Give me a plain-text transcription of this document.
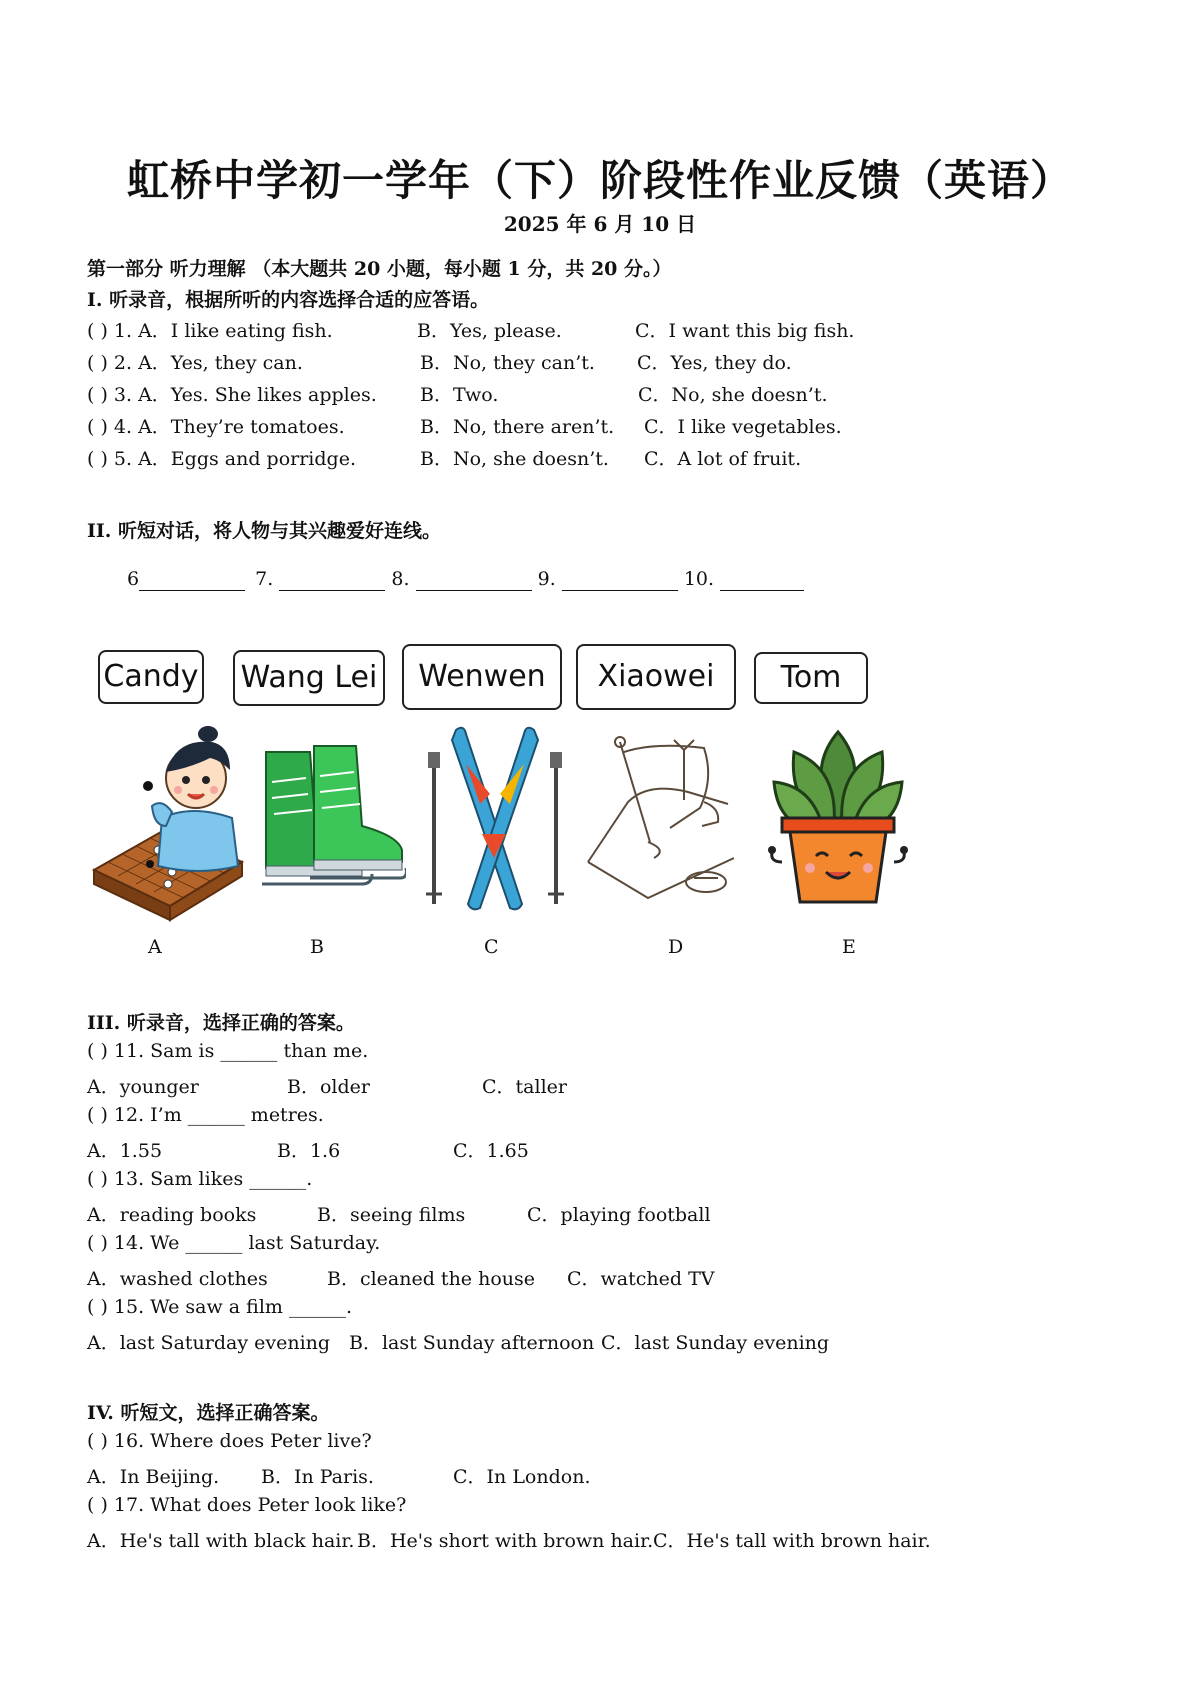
虹桥中学初一学年（下）阶段性作业反馈（英语）
2025 年 6 月 10 日
第一部分 听力理解 （本大题共 20 小题，每小题 1 分，共 20 分。）
I. 听录音，根据所听的内容选择合适的应答语。
( ) 1. A．I like eating fish.	B．Yes, please.	C．I want this big fish.
( ) 2. A．Yes, they can.	B．No, they can’t. C．Yes, they do.
( ) 3. A．Yes. She likes apples. B．Two.	C．No, she doesn’t.
( ) 4. A．They’re tomatoes.	B．No, there aren’t. C．I like vegetables.
( ) 5. A．Eggs and porridge.	B．No, she doesn’t. C．A lot of fruit.
II. 听短对话，将人物与其兴趣爱好连线。
6	7.	8.	9.	10.
Candy Wang Lei	Wenwen	Xiaowei	Tom
A	B	C	D	E
III. 听录音，选择正确的答案。
( ) 11. Sam is ______ than me.
A．younger	B．older	C．taller
( ) 12. I’m ______ metres.
A．1.55	B．1.6	C．1.65
( ) 13. Sam likes ______.
A．reading books	B．seeing films	C．playing football
( ) 14. We ______ last Saturday.
A．washed clothes	B．cleaned the house C．watched TV
( ) 15. We saw a film ______.
A．last Saturday evening B．last Sunday afternoon C．last Sunday evening
IV. 听短文，选择正确答案。
( ) 16. Where does Peter live?
A．In Beijing. B．In Paris.	C．In London.
( ) 17. What does Peter look like?
A．He's tall with black hair. B．He's short with brown hair. C．He's tall with brown hair.
